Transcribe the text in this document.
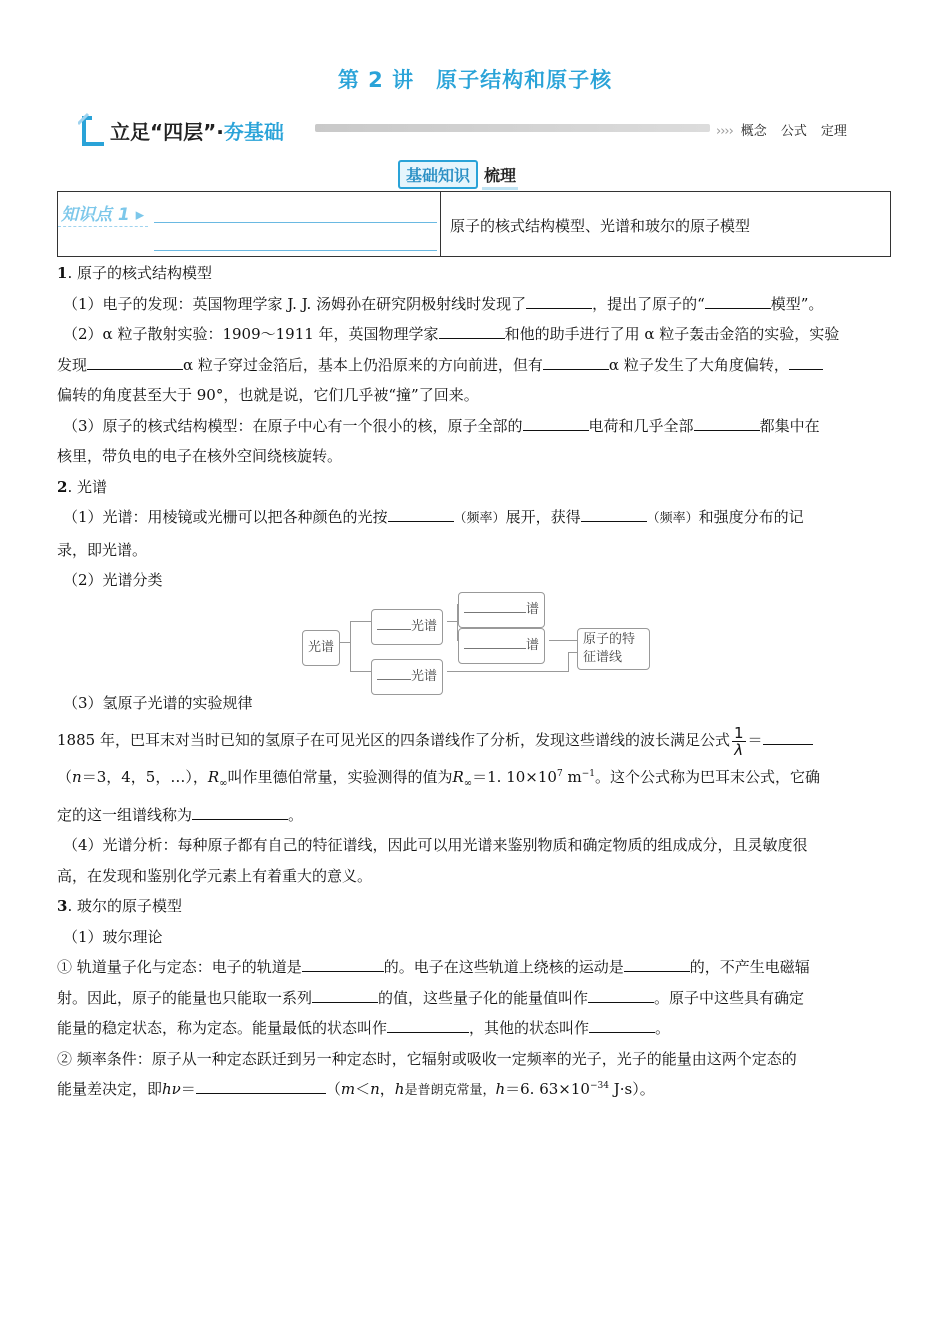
第 2 讲 原子结构和原子核
立足“四层”·夯基础	›››› 概念 公式 定理
基础知识 梳理
知识点 1 ▸
原子的核式结构模型、光谱和玻尔的原子模型

1. 原子的核式结构模型

（1）电子的发现：英国物理学家 J. J. 汤姆孙在研究阴极射线时发现了	，提出了原子的“	模型”。

（2）α 粒子散射实验：1909～1911 年，英国物理学家	和他的助手进行了用 α 粒子轰击金箔的实验，实验

发现	α 粒子穿过金箔后，基本上仍沿原来的方向前进，但有	α 粒子发生了大角度偏转，

偏转的角度甚至大于 90°，也就是说，它们几乎被“撞”了回来。

（3）原子的核式结构模型：在原子中心有一个很小的核，原子全部的	电荷和几乎全部	都集中在

核里，带负电的电子在核外空间绕核旋转。

2. 光谱

（1）光谱：用棱镜或光栅可以把各种颜色的光按	（频率）展开，获得	（频率）和强度分布的记

录，即光谱。

（2）光谱分类

光谱
光谱
光谱
谱
谱	原子的特征谱线

（3）氢原子光谱的实验规律

1885 年，巴耳末对当时已知的氢原子在可见光区的四条谱线作了分析，发现这些谱线的波长满足公式 $\frac{1}{\lambda}$ ＝

（n＝3，4，5，…），$R_\infty$叫作里德伯常量，实验测得的值为$R_\infty=1$. $10\times 10^7$ $m^{-1}$。这个公式称为巴耳末公式，它确

定的这一组谱线称为	。

（4）光谱分析：每种原子都有自己的特征谱线，因此可以用光谱来鉴别物质和确定物质的组成成分，且灵敏度很

高，在发现和鉴别化学元素上有着重大的意义。

3. 玻尔的原子模型

（1）玻尔理论

① 轨道量子化与定态：电子的轨道是	的。电子在这些轨道上绕核的运动是	的，不产生电磁辐

射。因此，原子的能量也只能取一系列	的值，这些量子化的能量值叫作	。原子中这些具有确定

能量的稳定状态，称为定态。能量最低的状态叫作	，其他的状态叫作	。

② 频率条件：原子从一种定态跃迁到另一种定态时，它辐射或吸收一定频率的光子，光子的能量由这两个定态的

能量差决定，即hν＝	（m＜n，h是普朗克常量，h＝6. $63\times 10^{-34}$ J·s）。
